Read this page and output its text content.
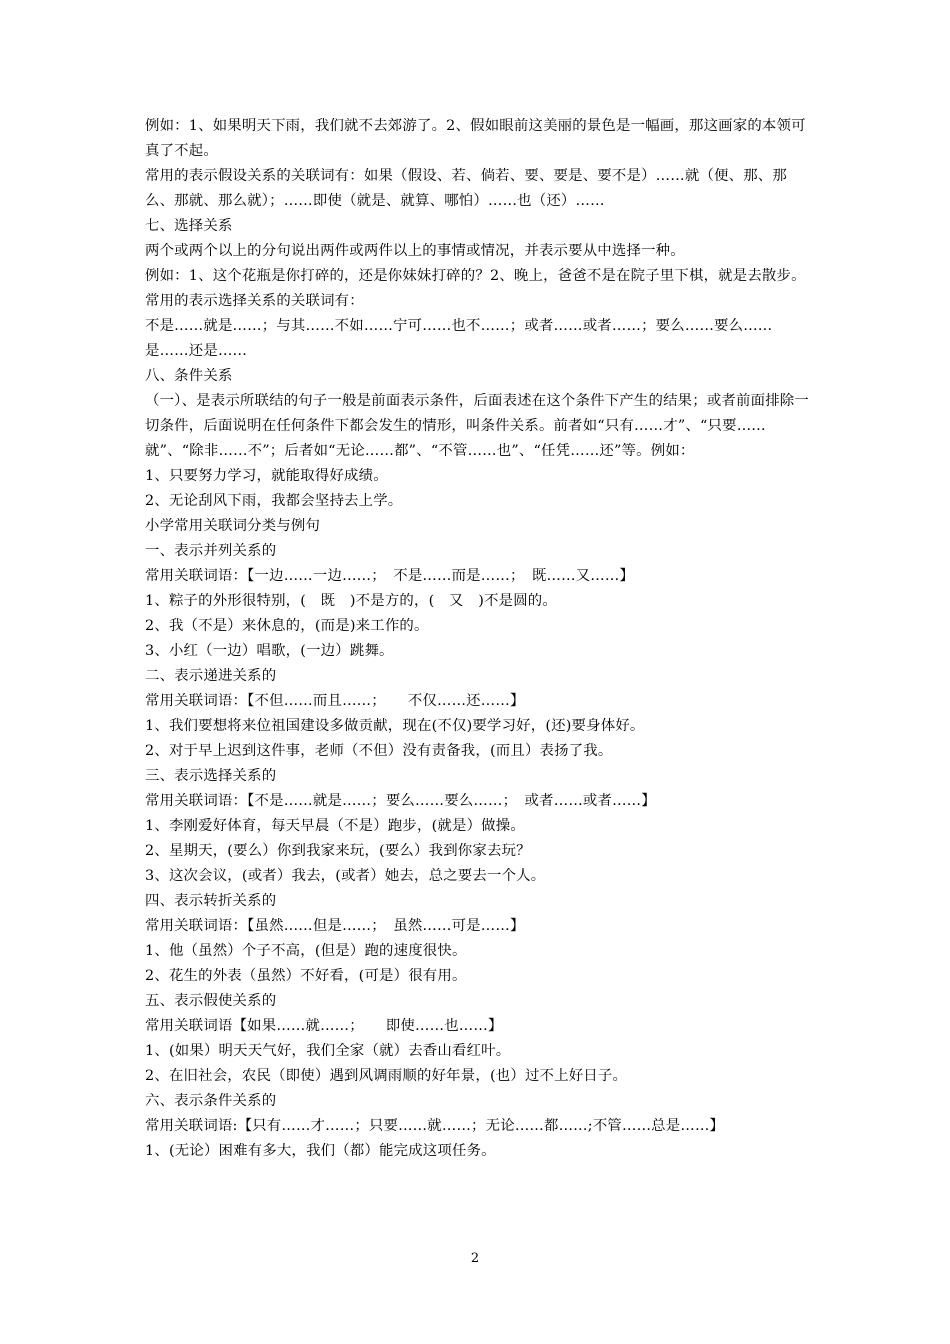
例如：1、如果明天下雨，我们就不去郊游了。2、假如眼前这美丽的景色是一幅画，那这画家的本领可真了不起。

常用的表示假设关系的关联词有：如果（假设、若、倘若、要、要是、要不是）……就（便、那、那么、那就、那么就）；……即使（就是、就算、哪怕）……也（还）……

七、选择关系

两个或两个以上的分句说出两件或两件以上的事情或情况，并表示要从中选择一种。

例如：1、这个花瓶是你打碎的，还是你妹妹打碎的？2、晚上，爸爸不是在院子里下棋，就是去散步。

常用的表示选择关系的关联词有：

不是……就是……；与其……不如……宁可……也不……；或者……或者……；要么……要么……是……还是……

八、条件关系

（一）、是表示所联结的句子一般是前面表示条件，后面表述在这个条件下产生的结果；或者前面排除一切条件，后面说明在任何条件下都会发生的情形，叫条件关系。前者如“只有……才”、“只要……就”、“除非……不”；后者如“无论……都”、“不管……也”、“任凭……还”等。例如：

1、只要努力学习，就能取得好成绩。

2、无论刮风下雨，我都会坚持去上学。

小学常用关联词分类与例句

一、表示并列关系的

常用关联词语：【一边……一边……；　不是……而是……；　既……又……】

1、粽子的外形很特别，(　既　)不是方的，(　又　)不是圆的。

2、我（不是）来休息的，(而是)来工作的。

3、小红（一边）唱歌，(一边）跳舞。

二、表示递进关系的

常用关联词语：【不但……而且……；　　不仅……还……】

1、我们要想将来位祖国建设多做贡献，现在(不仅)要学习好，(还)要身体好。

2、对于早上迟到这件事，老师（不但）没有责备我，(而且）表扬了我。

三、表示选择关系的

常用关联词语：【不是……就是……；要么……要么……；　或者……或者……】

1、李刚爱好体育，每天早晨（不是）跑步，(就是）做操。

2、星期天，(要么）你到我家来玩，(要么）我到你家去玩？

3、这次会议，(或者）我去，(或者）她去，总之要去一个人。

四、表示转折关系的

常用关联词语：【虽然……但是……；　虽然……可是……】

1、他（虽然）个子不高，(但是）跑的速度很快。

2、花生的外表（虽然）不好看，(可是）很有用。

五、表示假使关系的

常用关联词语【如果……就……；　　即使……也……】

1、(如果）明天天气好，我们全家（就）去香山看红叶。

2、在旧社会，农民（即使）遇到风调雨顺的好年景，(也）过不上好日子。

六、表示条件关系的

常用关联词语:【只有……才……；只要……就……；无论……都……;不管……总是……】

1、(无论）困难有多大，我们（都）能完成这项任务。

2
